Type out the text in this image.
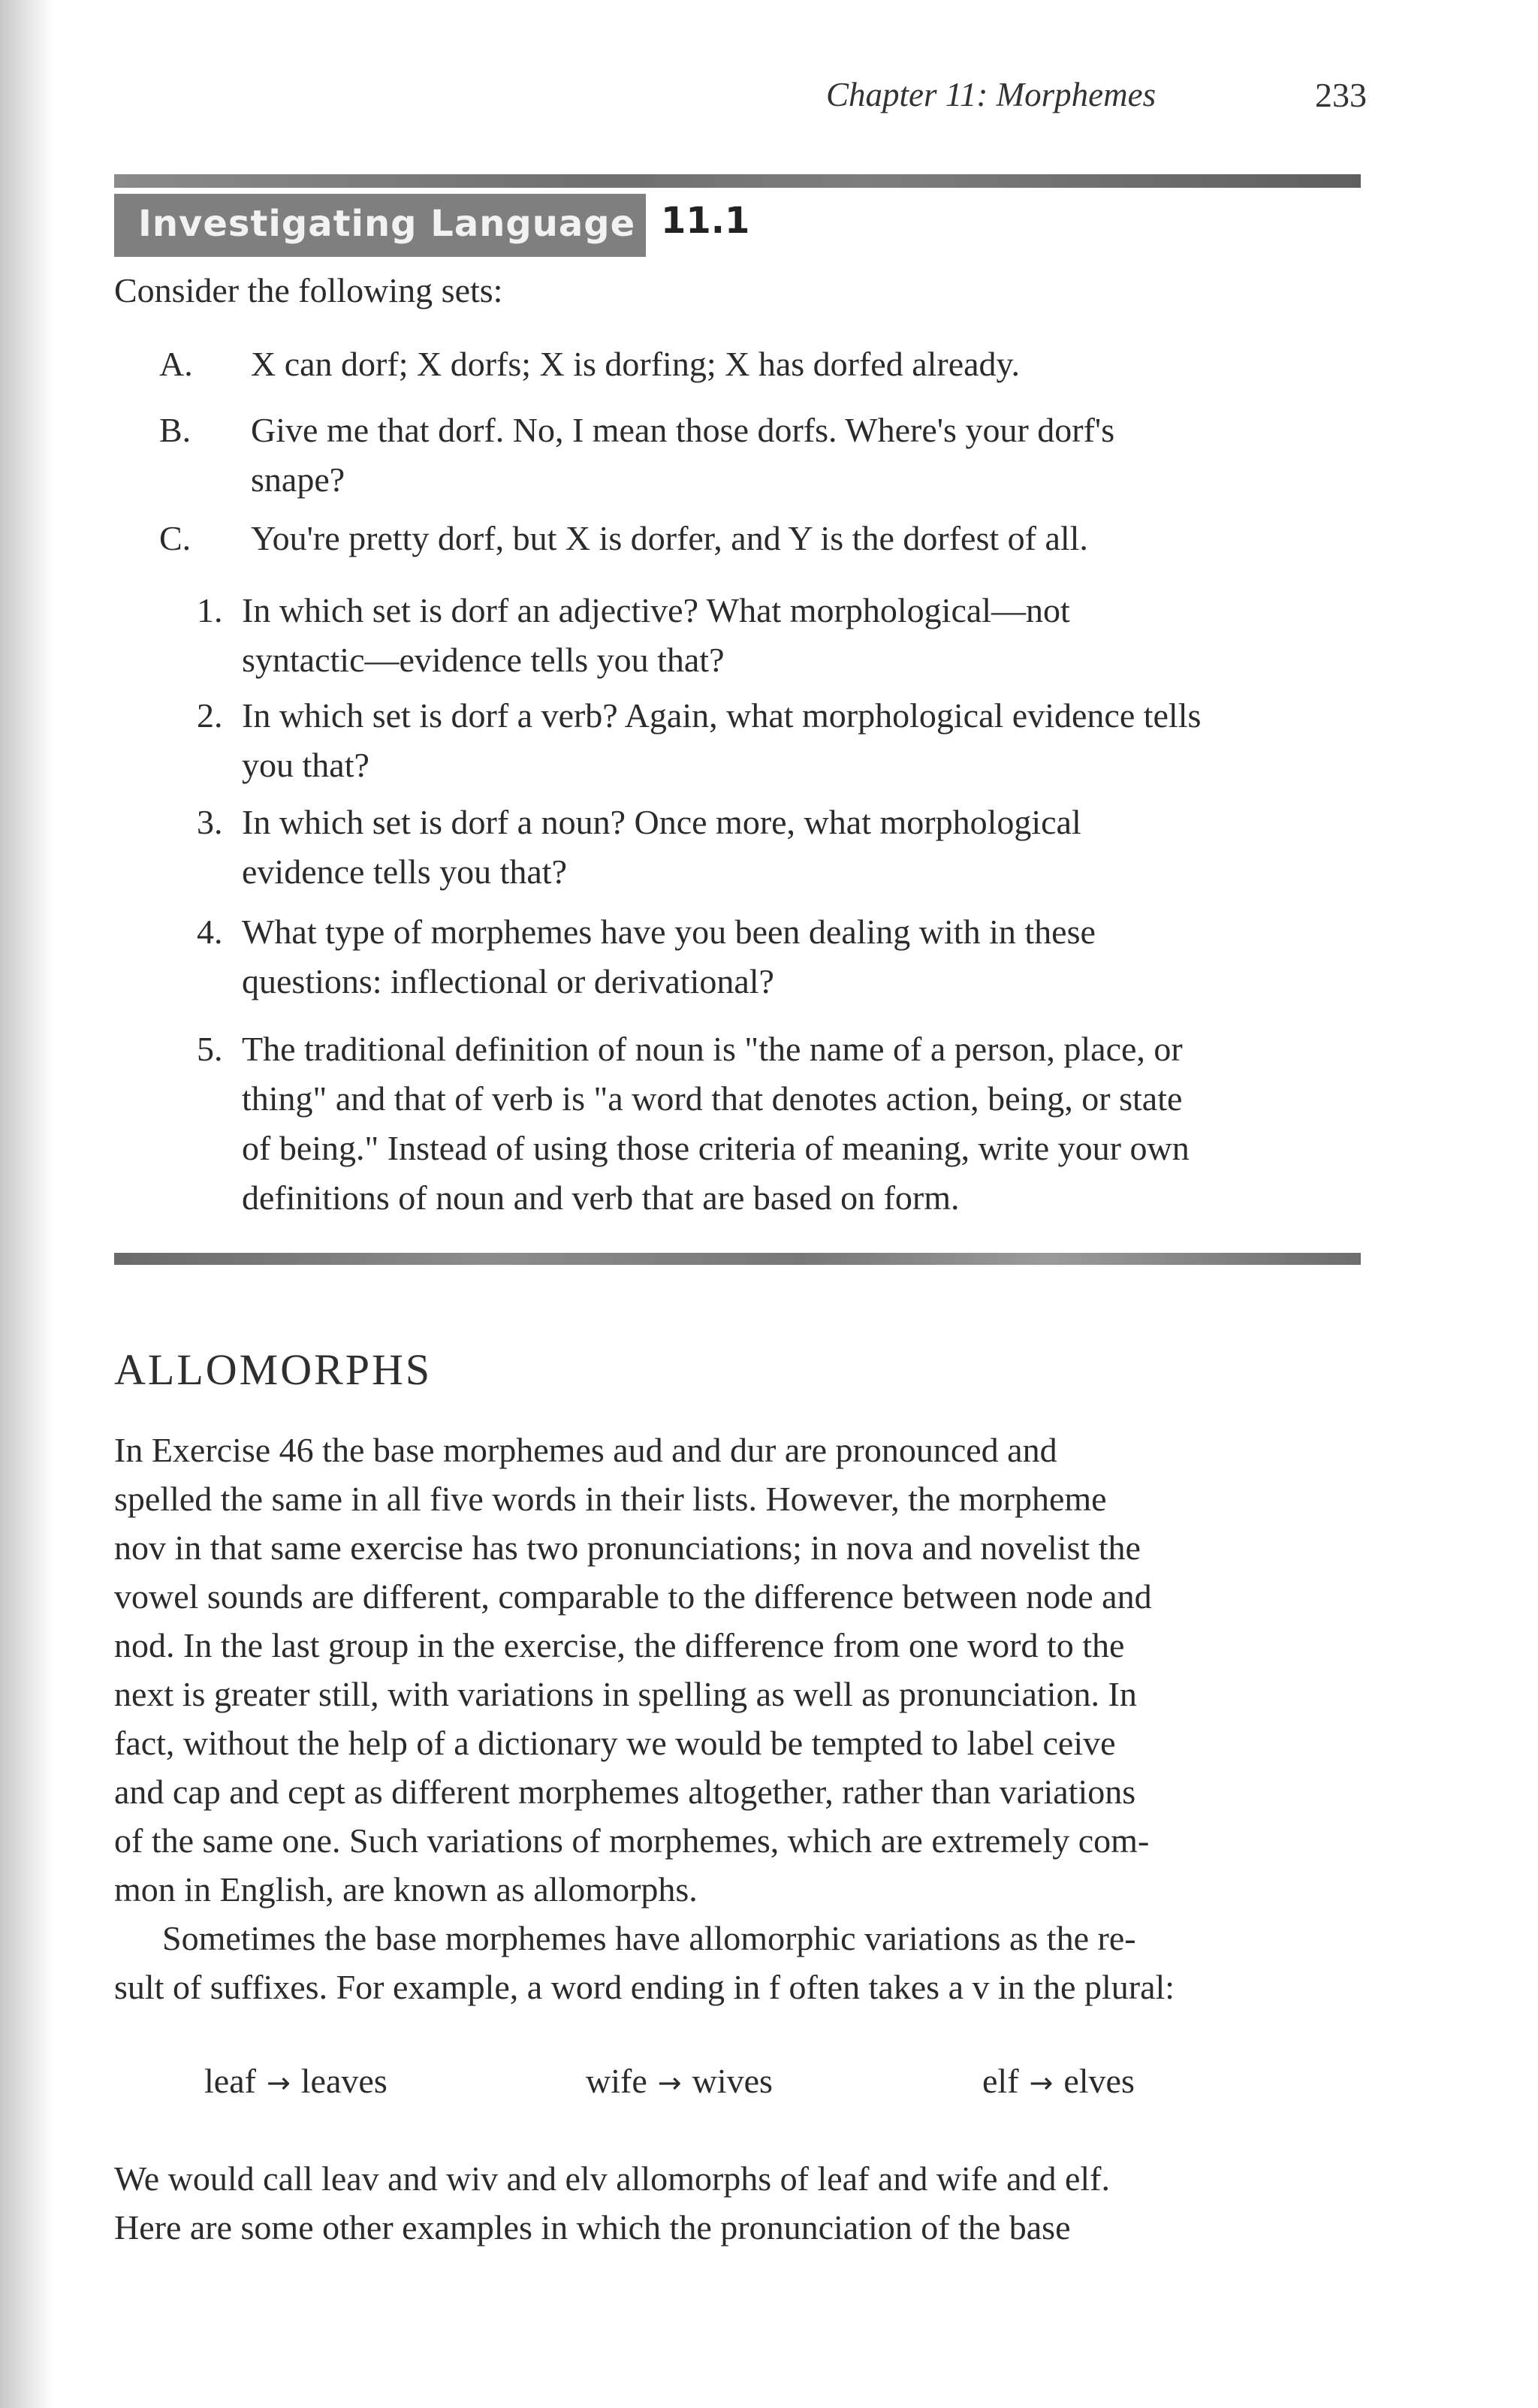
Chapter 11: Morphemes	233
Investigating Language 11.1
Consider the following sets:
A. X can dorf; X dorfs; X is dorfing; X has dorfed already.
B. Give me that dorf. No, I mean those dorfs. Where's your dorf's
snape?
C. You're pretty dorf, but X is dorfer, and Y is the dorfest of all.
1. In which set is dorf an adjective? What morphological—not
syntactic—evidence tells you that?
2. In which set is dorf a verb? Again, what morphological evidence tells
you that?
3. In which set is dorf a noun? Once more, what morphological
evidence tells you that?
4. What type of morphemes have you been dealing with in these
questions: inflectional or derivational?
5. The traditional definition of noun is "the name of a person, place, or
thing" and that of verb is "a word that denotes action, being, or state
of being." Instead of using those criteria of meaning, write your own
definitions of noun and verb that are based on form.
ALLOMORPHS
In Exercise 46 the base morphemes aud and dur are pronounced and
spelled the same in all five words in their lists. However, the morpheme
nov in that same exercise has two pronunciations; in nova and novelist the
vowel sounds are different, comparable to the difference between node and
nod. In the last group in the exercise, the difference from one word to the
next is greater still, with variations in spelling as well as pronunciation. In
fact, without the help of a dictionary we would be tempted to label ceive
and cap and cept as different morphemes altogether, rather than variations
of the same one. Such variations of morphemes, which are extremely com-
mon in English, are known as allomorphs.
Sometimes the base morphemes have allomorphic variations as the re-
sult of suffixes. For example, a word ending in f often takes a v in the plural:
leaf → leaves	wife → wives	elf → elves
We would call leav and wiv and elv allomorphs of leaf and wife and elf.
Here are some other examples in which the pronunciation of the base
